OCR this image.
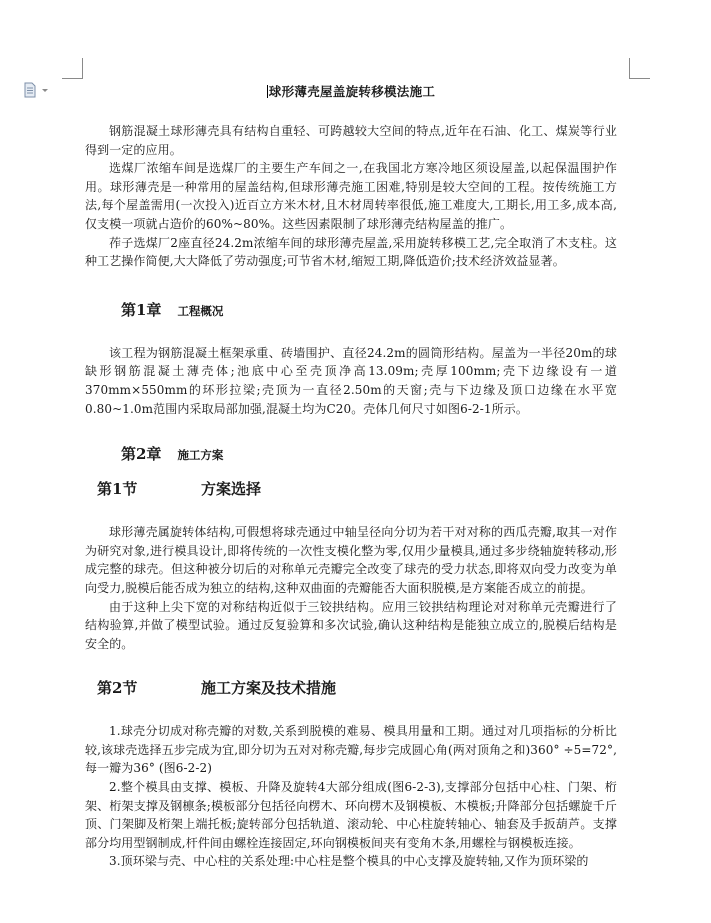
球形薄壳屋盖旋转移模法施工

钢筋混凝土球形薄壳具有结构自重轻、可跨越较大空间的特点,近年在石油、化工、煤炭等行业得到一定的应用。

选煤厂浓缩车间是选煤厂的主要生产车间之一,在我国北方寒冷地区须设屋盖,以起保温围护作用。球形薄壳是一种常用的屋盖结构,但球形薄壳施工困难,特别是较大空间的工程。按传统施工方法,每个屋盖需用(一次投入)近百立方米木材,且木材周转率很低,施工难度大,工期长,用工多,成本高,仅支模一项就占造价的60%~80%。这些因素限制了球形薄壳结构屋盖的推广。

莋子选煤厂2座直径24.2m浓缩车间的球形薄壳屋盖,采用旋转移模工艺,完全取消了木支柱。这种工艺操作简便,大大降低了劳动强度;可节省木材,缩短工期,降低造价;技术经济效益显著。

第1章 工程概况

该工程为钢筋混凝土框架承重、砖墙围护、直径24.2m的圆筒形结构。屋盖为一半径20m的球缺形钢筋混凝土薄壳体;池底中心至壳顶净高13.09m;壳厚100mm;壳下边缘设有一道370mm×550mm的环形拉梁;壳顶为一直径2.50m的天窗;壳与下边缘及顶口边缘在水平宽0.80~1.0m范围内采取局部加强,混凝土均为C20。壳体几何尺寸如图6-2-1所示。

第2章 施工方案
第1节	方案选择

球形薄壳属旋转体结构,可假想将球壳通过中轴呈径向分切为若干对对称的西瓜壳瓣,取其一对作为研究对象,进行模具设计,即将传统的一次性支模化整为零,仅用少量模具,通过多步绕轴旋转移动,形成完整的球壳。但这种被分切后的对称单元壳瓣完全改变了球壳的受力状态,即将双向受力改变为单向受力,脱模后能否成为独立的结构,这种双曲面的壳瓣能否大面积脱模,是方案能否成立的前提。

由于这种上尖下宽的对称结构近似于三铰拱结构。应用三铰拱结构理论对对称单元壳瓣进行了结构验算,并做了模型试验。通过反复验算和多次试验,确认这种结构是能独立成立的,脱模后结构是安全的。

第2节	施工方案及技术措施

1.球壳分切成对称壳瓣的对数,关系到脱模的难易、模具用量和工期。通过对几项指标的分析比较,该球壳选择五步完成为宜,即分切为五对对称壳瓣,每步完成圆心角(两对顶角之和)360° ÷5=72°,每一瓣为36° (图6-2-2)

2.整个模具由支撑、模板、升降及旋转4大部分组成(图6-2-3),支撑部分包括中心柱、门架、桁架、桁架支撑及钢檩条;模板部分包括径向楞木、环向楞木及钢模板、木模板;升降部分包括螺旋千斤顶、门架脚及桁架上端托板;旋转部分包括轨道、滚动轮、中心柱旋转轴心、轴套及手扳葫芦。支撑部分均用型钢制成,杆件间由螺栓连接固定,环向钢模板间夹有变角木条,用螺栓与钢模板连接。

3.顶环梁与壳、中心柱的关系处理:中心柱是整个模具的中心支撑及旋转轴,又作为顶环梁的
